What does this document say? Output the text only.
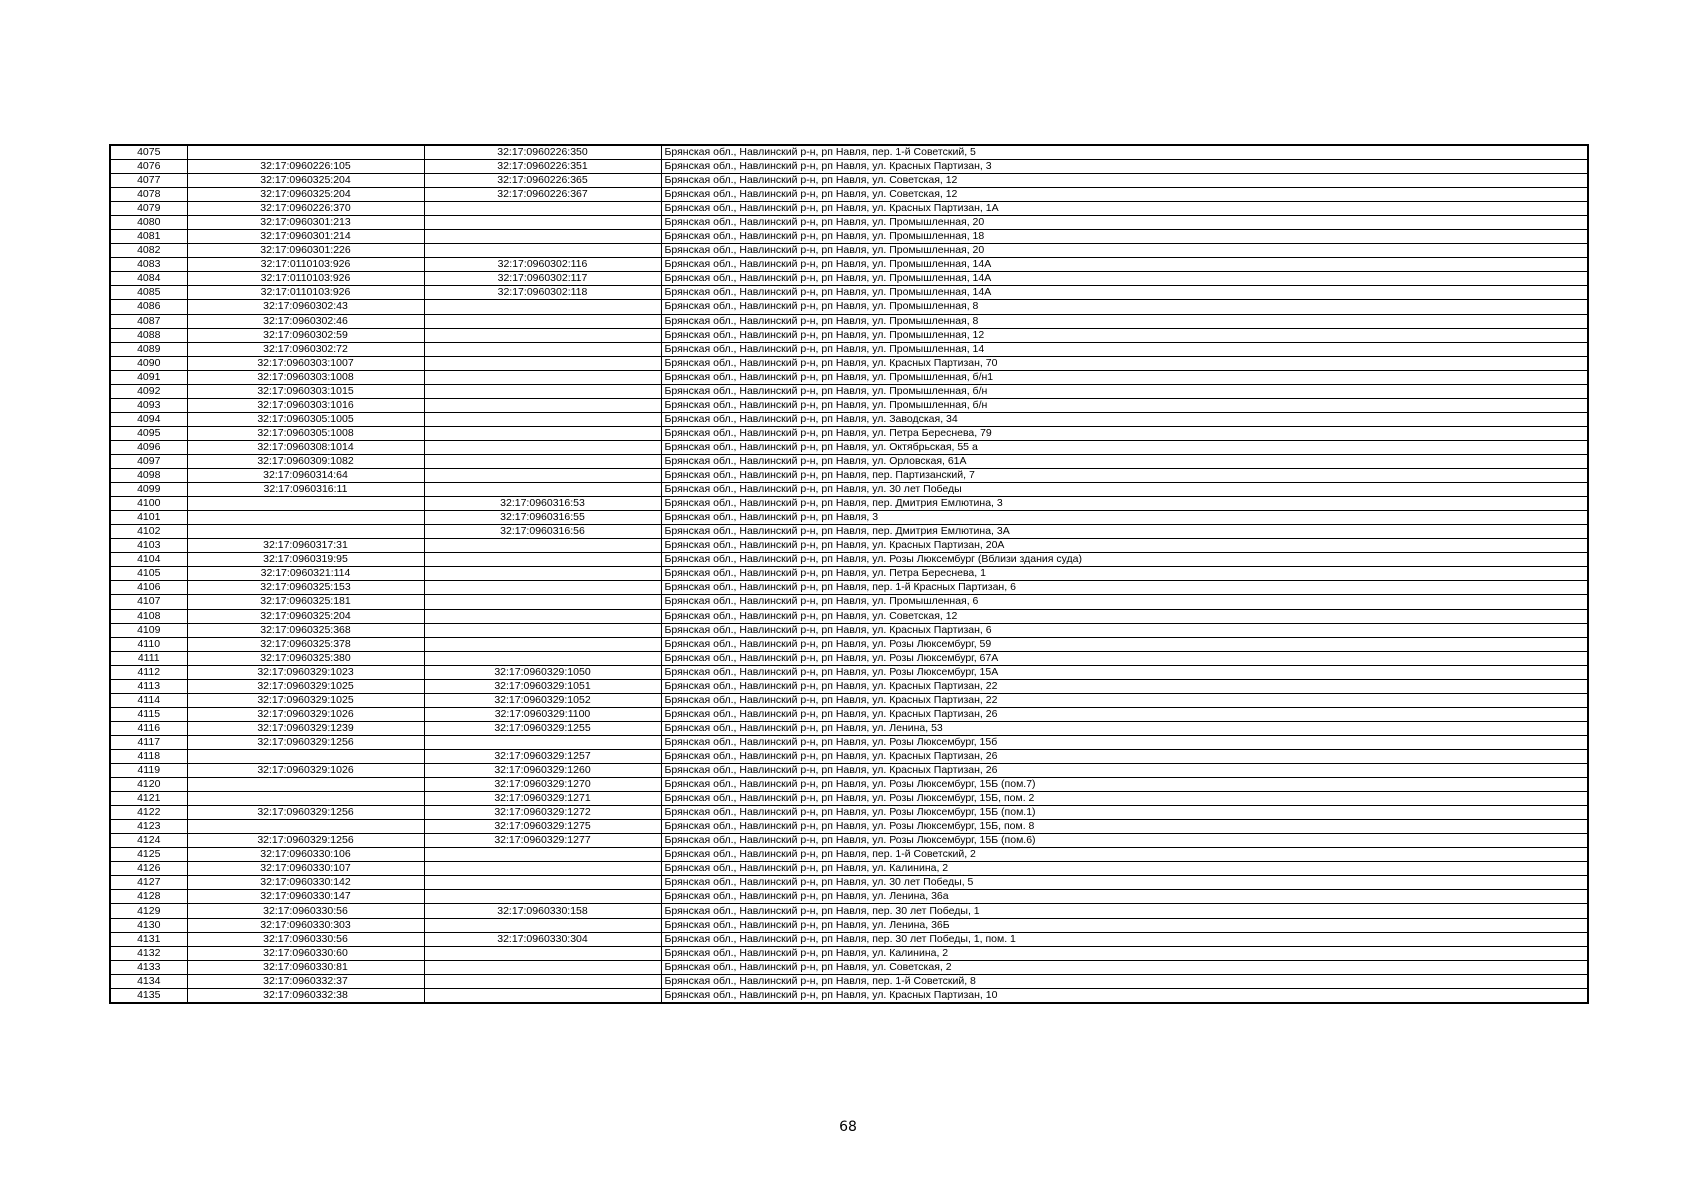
4075		32:17:0960226:350	Брянская обл., Навлинский р-н, рп Навля, пер. 1-й Советский, 5
4076	32:17:0960226:105	32:17:0960226:351	Брянская обл., Навлинский р-н, рп Навля, ул. Красных Партизан, 3
4077	32:17:0960325:204	32:17:0960226:365	Брянская обл., Навлинский р-н, рп Навля, ул. Советская, 12
4078	32:17:0960325:204	32:17:0960226:367	Брянская обл., Навлинский р-н, рп Навля, ул. Советская, 12
4079	32:17:0960226:370		Брянская обл., Навлинский р-н, рп Навля, ул. Красных Партизан, 1А
4080	32:17:0960301:213		Брянская обл., Навлинский р-н, рп Навля, ул. Промышленная, 20
4081	32:17:0960301:214		Брянская обл., Навлинский р-н, рп Навля, ул. Промышленная, 18
4082	32:17:0960301:226		Брянская обл., Навлинский р-н, рп Навля, ул. Промышленная, 20
4083	32:17:0110103:926	32:17:0960302:116	Брянская обл., Навлинский р-н, рп Навля, ул. Промышленная, 14А
4084	32:17:0110103:926	32:17:0960302:117	Брянская обл., Навлинский р-н, рп Навля, ул. Промышленная, 14А
4085	32:17:0110103:926	32:17:0960302:118	Брянская обл., Навлинский р-н, рп Навля, ул. Промышленная, 14А
4086	32:17:0960302:43		Брянская обл., Навлинский р-н, рп Навля, ул. Промышленная, 8
4087	32:17:0960302:46		Брянская обл., Навлинский р-н, рп Навля, ул. Промышленная, 8
4088	32:17:0960302:59		Брянская обл., Навлинский р-н, рп Навля, ул. Промышленная, 12
4089	32:17:0960302:72		Брянская обл., Навлинский р-н, рп Навля, ул. Промышленная, 14
4090	32:17:0960303:1007		Брянская обл., Навлинский р-н, рп Навля, ул. Красных Партизан, 70
4091	32:17:0960303:1008		Брянская обл., Навлинский р-н, рп Навля, ул. Промышленная, б/н1
4092	32:17:0960303:1015		Брянская обл., Навлинский р-н, рп Навля, ул. Промышленная, б/н
4093	32:17:0960303:1016		Брянская обл., Навлинский р-н, рп Навля, ул. Промышленная, б/н
4094	32:17:0960305:1005		Брянская обл., Навлинский р-н, рп Навля, ул. Заводская, 34
4095	32:17:0960305:1008		Брянская обл., Навлинский р-н, рп Навля, ул. Петра Береснева, 79
4096	32:17:0960308:1014		Брянская обл., Навлинский р-н, рп Навля, ул. Октябрьская, 55 а
4097	32:17:0960309:1082		Брянская обл., Навлинский р-н, рп Навля, ул. Орловская, 61А
4098	32:17:0960314:64		Брянская обл., Навлинский р-н, рп Навля, пер. Партизанский, 7
4099	32:17:0960316:11		Брянская обл., Навлинский р-н, рп Навля, ул. 30 лет Победы
4100		32:17:0960316:53	Брянская обл., Навлинский р-н, рп Навля, пер. Дмитрия Емлютина, 3
4101		32:17:0960316:55	Брянская обл., Навлинский р-н, рп Навля, 3
4102		32:17:0960316:56	Брянская обл., Навлинский р-н, рп Навля, пер. Дмитрия Емлютина, 3А
4103	32:17:0960317:31		Брянская обл., Навлинский р-н, рп Навля, ул. Красных Партизан, 20А
4104	32:17:0960319:95		Брянская обл., Навлинский р-н, рп Навля, ул. Розы Люксембург (Вблизи здания суда)
4105	32:17:0960321:114		Брянская обл., Навлинский р-н, рп Навля, ул. Петра Береснева, 1
4106	32:17:0960325:153		Брянская обл., Навлинский р-н, рп Навля, пер. 1-й Красных Партизан, 6
4107	32:17:0960325:181		Брянская обл., Навлинский р-н, рп Навля, ул. Промышленная, 6
4108	32:17:0960325:204		Брянская обл., Навлинский р-н, рп Навля, ул. Советская, 12
4109	32:17:0960325:368		Брянская обл., Навлинский р-н, рп Навля, ул. Красных Партизан, 6
4110	32:17:0960325:378		Брянская обл., Навлинский р-н, рп Навля, ул. Розы Люксембург, 59
4111	32:17:0960325:380		Брянская обл., Навлинский р-н, рп Навля, ул. Розы Люксембург, 67А
4112	32:17:0960329:1023	32:17:0960329:1050	Брянская обл., Навлинский р-н, рп Навля, ул. Розы Люксембург, 15А
4113	32:17:0960329:1025	32:17:0960329:1051	Брянская обл., Навлинский р-н, рп Навля, ул. Красных Партизан, 22
4114	32:17:0960329:1025	32:17:0960329:1052	Брянская обл., Навлинский р-н, рп Навля, ул. Красных Партизан, 22
4115	32:17:0960329:1026	32:17:0960329:1100	Брянская обл., Навлинский р-н, рп Навля, ул. Красных Партизан, 26
4116	32:17:0960329:1239	32:17:0960329:1255	Брянская обл., Навлинский р-н, рп Навля, ул. Ленина, 53
4117	32:17:0960329:1256		Брянская обл., Навлинский р-н, рп Навля, ул. Розы Люксембург, 15б
4118		32:17:0960329:1257	Брянская обл., Навлинский р-н, рп Навля, ул. Красных Партизан, 26
4119	32:17:0960329:1026	32:17:0960329:1260	Брянская обл., Навлинский р-н, рп Навля, ул. Красных Партизан, 26
4120		32:17:0960329:1270	Брянская обл., Навлинский р-н, рп Навля, ул. Розы Люксембург, 15Б (пом.7)
4121		32:17:0960329:1271	Брянская обл., Навлинский р-н, рп Навля, ул. Розы Люксембург, 15Б, пом. 2
4122	32:17:0960329:1256	32:17:0960329:1272	Брянская обл., Навлинский р-н, рп Навля, ул. Розы Люксембург, 15Б (пом.1)
4123		32:17:0960329:1275	Брянская обл., Навлинский р-н, рп Навля, ул. Розы Люксембург, 15Б, пом. 8
4124	32:17:0960329:1256	32:17:0960329:1277	Брянская обл., Навлинский р-н, рп Навля, ул. Розы Люксембург, 15Б (пом.6)
4125	32:17:0960330:106		Брянская обл., Навлинский р-н, рп Навля, пер. 1-й Советский, 2
4126	32:17:0960330:107		Брянская обл., Навлинский р-н, рп Навля, ул. Калинина, 2
4127	32:17:0960330:142		Брянская обл., Навлинский р-н, рп Навля, ул. 30 лет Победы, 5
4128	32:17:0960330:147		Брянская обл., Навлинский р-н, рп Навля, ул. Ленина, 36а
4129	32:17:0960330:56	32:17:0960330:158	Брянская обл., Навлинский р-н, рп Навля, пер. 30 лет Победы, 1
4130	32:17:0960330:303		Брянская обл., Навлинский р-н, рп Навля, ул. Ленина, 36Б
4131	32:17:0960330:56	32:17:0960330:304	Брянская обл., Навлинский р-н, рп Навля, пер. 30 лет Победы, 1, пом. 1
4132	32:17:0960330:60		Брянская обл., Навлинский р-н, рп Навля, ул. Калинина, 2
4133	32:17:0960330:81		Брянская обл., Навлинский р-н, рп Навля, ул. Советская, 2
4134	32:17:0960332:37		Брянская обл., Навлинский р-н, рп Навля, пер. 1-й Советский, 8
4135	32:17:0960332:38		Брянская обл., Навлинский р-н, рп Навля, ул. Красных Партизан, 10
68
